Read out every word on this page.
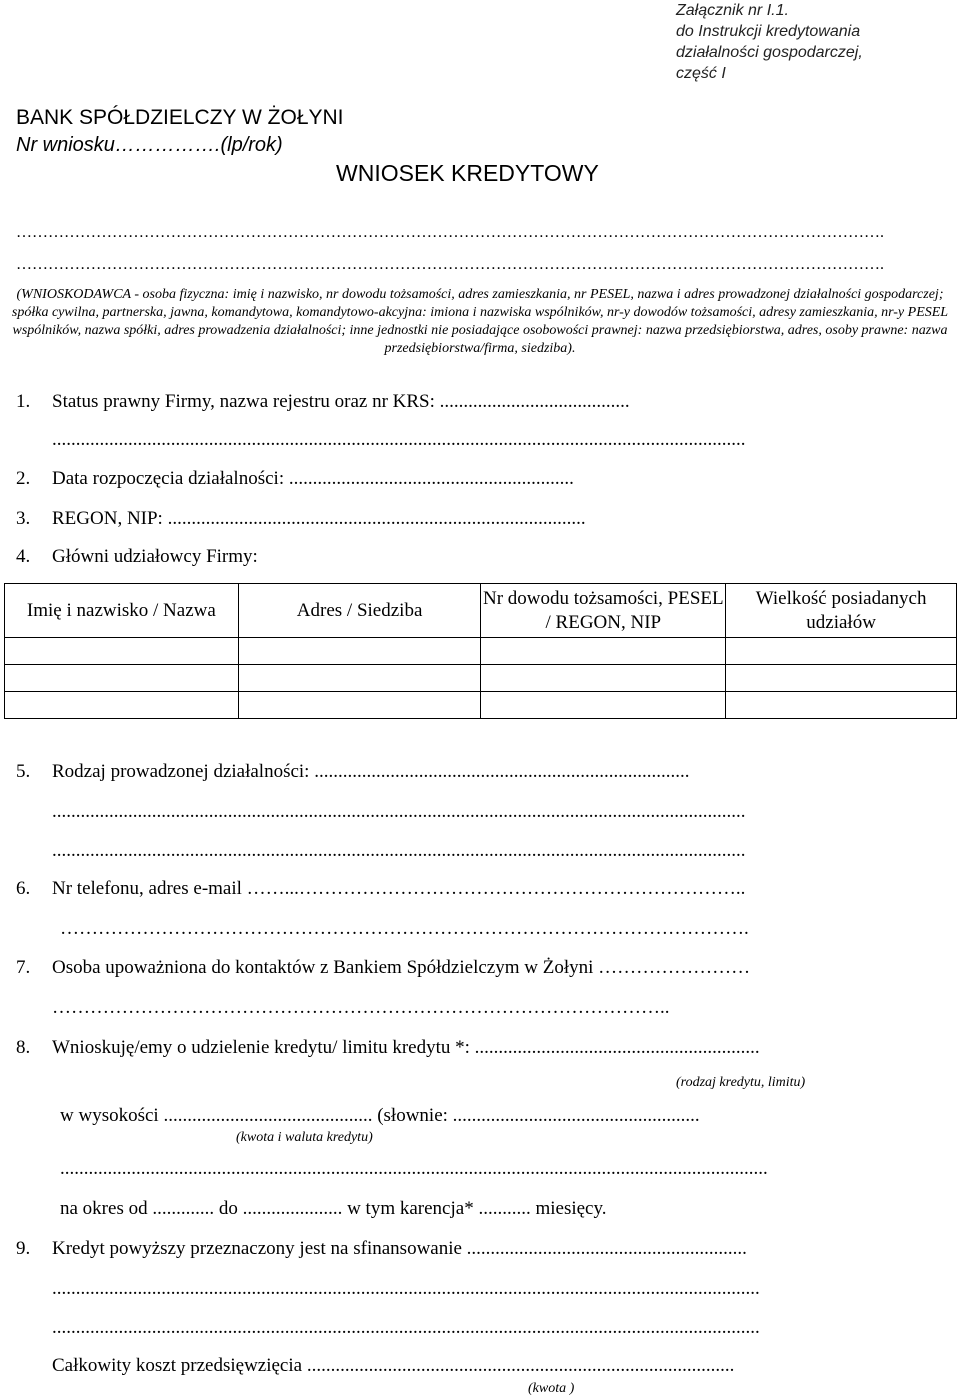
Załącznik nr I.1.
do Instrukcji kredytowania
działalności gospodarczej,
część I
BANK SPÓŁDZIELCZY W ŻOŁYNI
Nr wniosku…………….(lp/rok)
WNIOSEK KREDYTOWY
……………………………………………………………………………………………………………………………………………….
……………………………………………………………………………………………………………………………………………….
(WNIOSKODAWCA - osoba fizyczna: imię i nazwisko, nr dowodu tożsamości, adres zamieszkania, nr PESEL, nazwa i adres prowadzonej działalności gospodarczej; spółka cywilna, partnerska, jawna, komandytowa, komandytowo-akcyjna: imiona i nazwiska wspólników, nr-y dowodów tożsamości, adresy zamieszkania, nr-y PESEL wspólników, nazwa spółki, adres prowadzenia działalności; inne jednostki nie posiadające osobowości prawnej: nazwa przedsiębiorstwa, adres, osoby prawne: nazwa przedsiębiorstwa/firma, siedziba).
1. Status prawny Firmy, nazwa rejestru oraz nr KRS: ........................................
..................................................................................................................................................
2. Data rozpoczęcia działalności: ............................................................
3. REGON, NIP: ........................................................................................
4. Główni udziałowcy Firmy:
Imię i nazwisko / Nazwa	Adres / Siedziba	Nr dowodu tożsamości, PESEL / REGON, NIP	Wielkość posiadanych udziałów

5. Rodzaj prowadzonej działalności: ...............................................................................
..................................................................................................................................................
..................................................................................................................................................
6. Nr telefonu, adres e-mail ……...……………………………………………………………..
……………………………………………………………………………………………….
7. Osoba upoważniona do kontaktów z Bankiem Spółdzielczym w Żołyni ……………………
……………………………………………………………………………………..
8. Wnioskuję/emy o udzielenie kredytu/ limitu kredytu *: ............................................................
(rodzaj kredytu, limitu)
w wysokości ............................................ (słownie: ....................................................
(kwota i waluta kredytu)
.....................................................................................................................................................
na okres od ............. do ..................... w tym karencja* ........... miesięcy.
9. Kredyt powyższy przeznaczony jest na sfinansowanie ...........................................................
.....................................................................................................................................................
.....................................................................................................................................................
Całkowity koszt przedsięwzięcia ..........................................................................................
(kwota )
